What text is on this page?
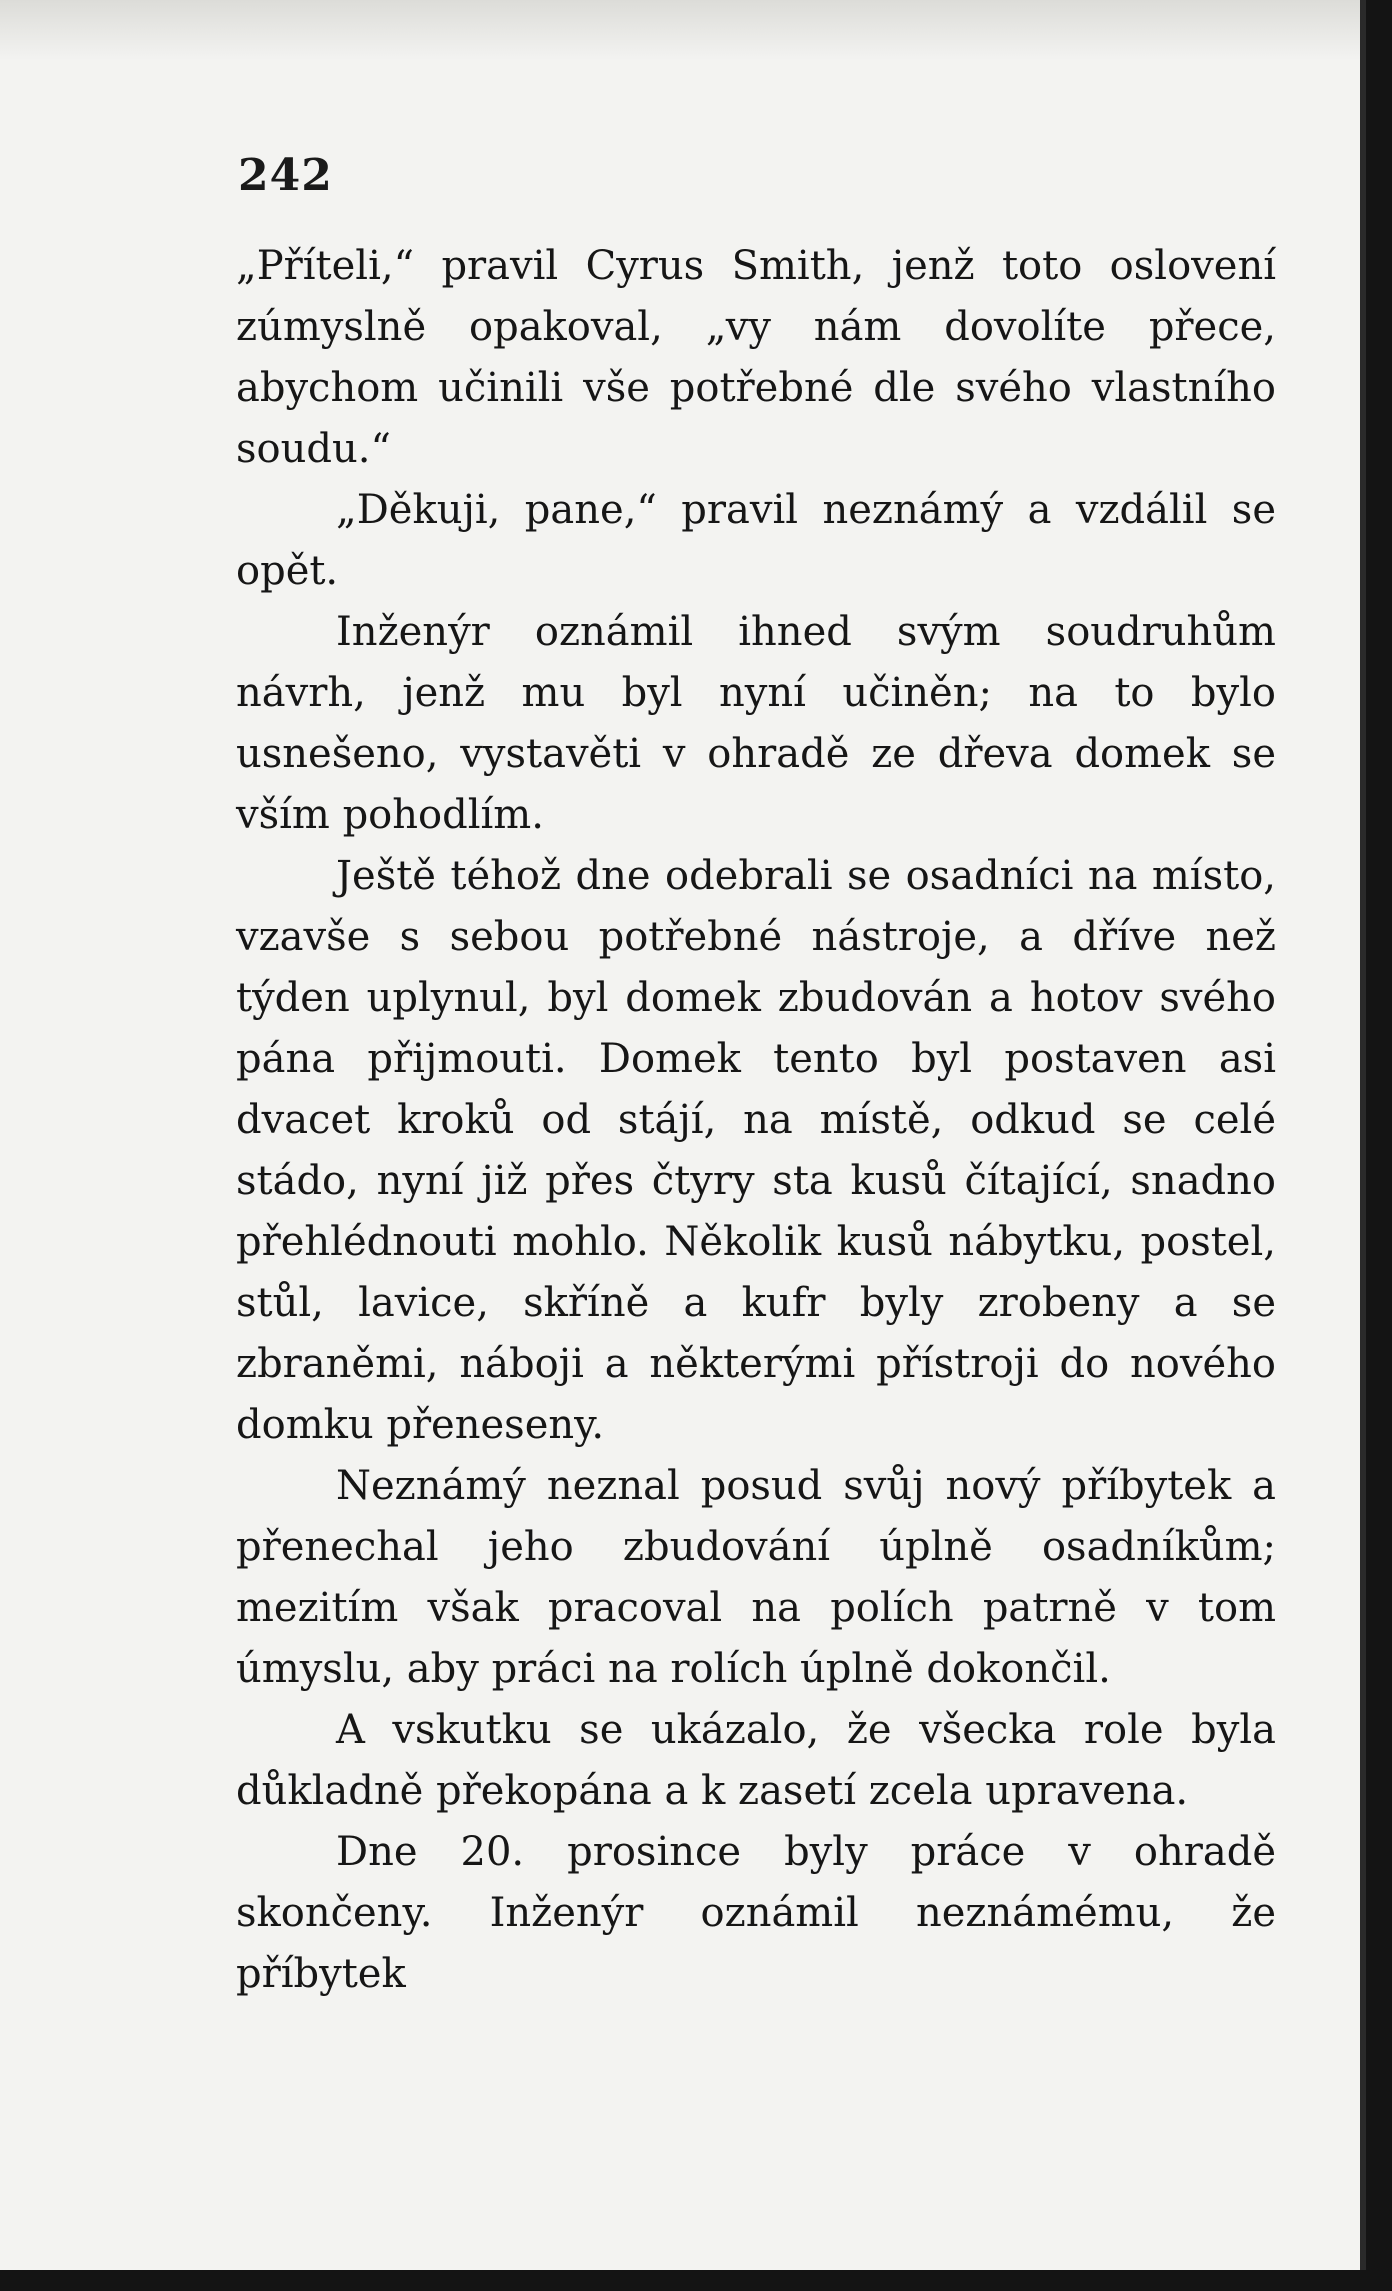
242

„Příteli,“ pravil Cyrus Smith, jenž toto oslovení zúmyslně opakoval, „vy nám dovolíte přece, abychom učinili vše potřebné dle svého vlastního soudu.“

„Děkuji, pane,“ pravil neznámý a vzdálil se opět.

Inženýr oznámil ihned svým soudruhům návrh, jenž mu byl nyní učiněn; na to bylo usnešeno, vystavěti v ohradě ze dřeva domek se vším pohodlím.

Ještě téhož dne odebrali se osadníci na místo, vzavše s sebou potřebné nástroje, a dříve než týden uplynul, byl domek zbudován a hotov svého pána přijmouti. Domek tento byl postaven asi dvacet kroků od stájí, na místě, odkud se celé stádo, nyní již přes čtyry sta kusů čítající, snadno přehlédnouti mohlo. Několik kusů nábytku, postel, stůl, lavice, skříně a kufr byly zrobeny a se zbraněmi, náboji a některými přístroji do nového domku přeneseny.

Neznámý neznal posud svůj nový příbytek a přenechal jeho zbudování úplně osadníkům; mezitím však pracoval na polích patrně v tom úmyslu, aby práci na rolích úplně dokončil.

A vskutku se ukázalo, že všecka role byla důkladně překopána a k zasetí zcela upravena.

Dne 20. prosince byly práce v ohradě skončeny. Inženýr oznámil neznámému, že příbytek
